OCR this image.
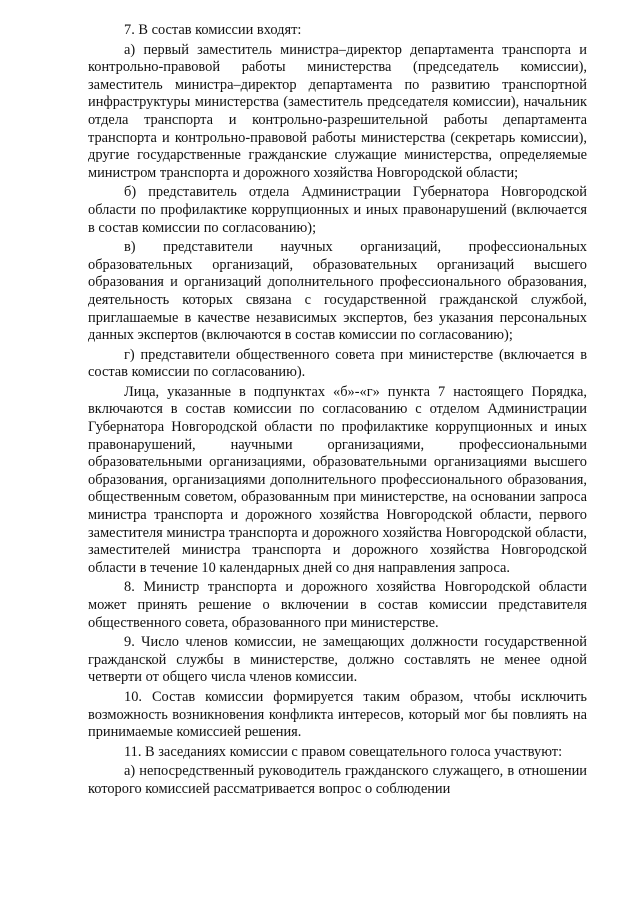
7. В состав комиссии входят:

а) первый заместитель министра–директор департамента транспорта и контрольно-правовой работы министерства (председатель комиссии), заместитель министра–директор департамента по развитию транспортной инфраструктуры министерства (заместитель председателя комиссии), начальник отдела транспорта и контрольно-разрешительной работы департамента транспорта и контрольно-правовой работы министерства (секретарь комиссии), другие государственные гражданские служащие министерства, определяемые министром транспорта и дорожного хозяйства Новгородской области;

б) представитель отдела Администрации Губернатора Новгородской области по профилактике коррупционных и иных правонарушений (включается в состав комиссии по согласованию);

в) представители научных организаций, профессиональных образовательных организаций, образовательных организаций высшего образования и организаций дополнительного профессионального образования, деятельность которых связана с государственной гражданской службой, приглашаемые в качестве независимых экспертов, без указания персональных данных экспертов (включаются в состав комиссии по согласованию);

г) представители общественного совета при министерстве (включается в состав комиссии по согласованию).

Лица, указанные в подпунктах «б»-«г» пункта 7 настоящего Порядка, включаются в состав комиссии по согласованию с отделом Администрации Губернатора Новгородской области по профилактике коррупционных и иных правонарушений, научными организациями, профессиональными образовательными организациями, образовательными организациями высшего образования, организациями дополнительного профессионального образования, общественным советом, образованным при министерстве, на основании запроса министра транспорта и дорожного хозяйства Новгородской области, первого заместителя министра транспорта и дорожного хозяйства Новгородской области, заместителей министра транспорта и дорожного хозяйства Новгородской области в течение 10 календарных дней со дня направления запроса.

8. Министр транспорта и дорожного хозяйства Новгородской области может принять решение о включении в состав комиссии представителя общественного совета, образованного при министерстве.

9. Число членов комиссии, не замещающих должности государственной гражданской службы в министерстве, должно составлять не менее одной четверти от общего числа членов комиссии.

10. Состав комиссии формируется таким образом, чтобы исключить возможность возникновения конфликта интересов, который мог бы повлиять на принимаемые комиссией решения.

11. В заседаниях комиссии с правом совещательного голоса участвуют:

а) непосредственный руководитель гражданского служащего, в отношении которого комиссией рассматривается вопрос о соблюдении
